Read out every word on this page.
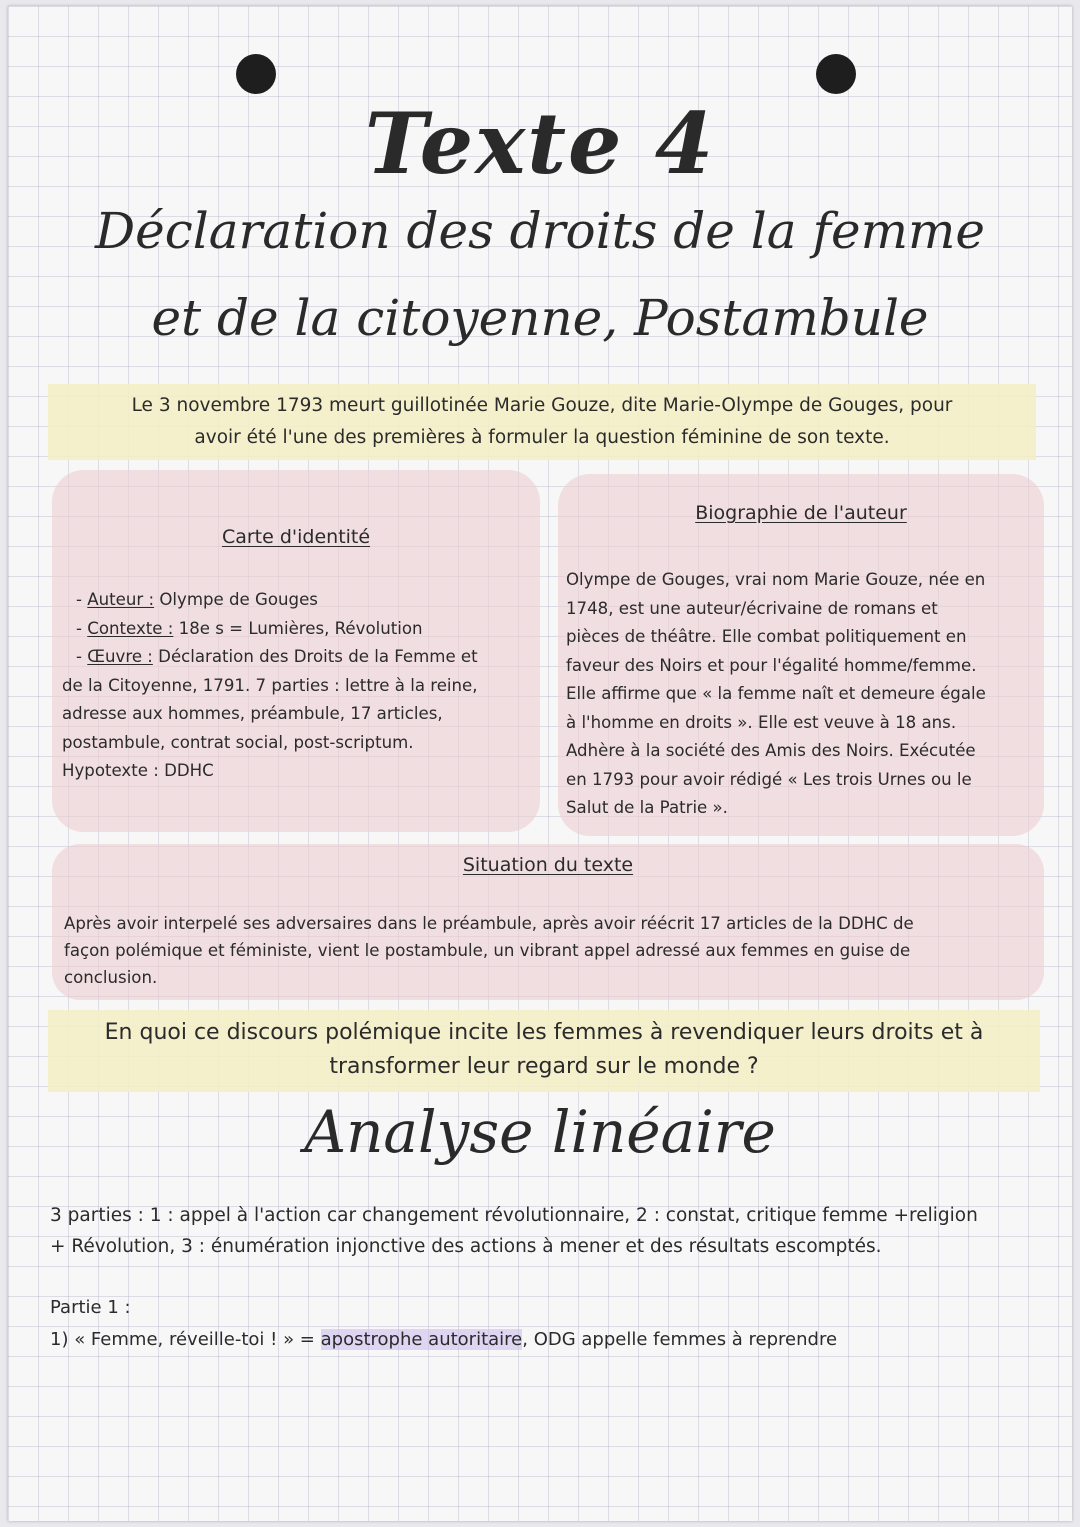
Texte 4
Déclaration des droits de la femme
et de la citoyenne, Postambule

Le 3 novembre 1793 meurt guillotinée Marie Gouze, dite Marie-Olympe de Gouges, pour
avoir été l'une des premières à formuler la question féminine de son texte.

Carte d'identité
- Auteur : Olympe de Gouges
- Contexte : 18e s = Lumières, Révolution
- Œuvre : Déclaration des Droits de la Femme et
de la Citoyenne, 1791. 7 parties : lettre à la reine,
adresse aux hommes, préambule, 17 articles,
postambule, contrat social, post-scriptum.
Hypotexte : DDHC
Biographie de l'auteur
Olympe de Gouges, vrai nom Marie Gouze, née en
1748, est une auteur/écrivaine de romans et
pièces de théâtre. Elle combat politiquement en
faveur des Noirs et pour l'égalité homme/femme.
Elle affirme que « la femme naît et demeure égale
à l'homme en droits ». Elle est veuve à 18 ans.
Adhère à la société des Amis des Noirs. Exécutée
en 1793 pour avoir rédigé « Les trois Urnes ou le
Salut de la Patrie ».
Situation du texte
Après avoir interpelé ses adversaires dans le préambule, après avoir réécrit 17 articles de la DDHC de
façon polémique et féministe, vient le postambule, un vibrant appel adressé aux femmes en guise de
conclusion.

En quoi ce discours polémique incite les femmes à revendiquer leurs droits et à
transformer leur regard sur le monde ?

Analyse linéaire
3 parties : 1 : appel à l'action car changement révolutionnaire, 2 : constat, critique femme +religion
+ Révolution, 3 : énumération injonctive des actions à mener et des résultats escomptés.
Partie 1 :
1) « Femme, réveille-toi ! » = apostrophe autoritaire, ODG appelle femmes à reprendre
